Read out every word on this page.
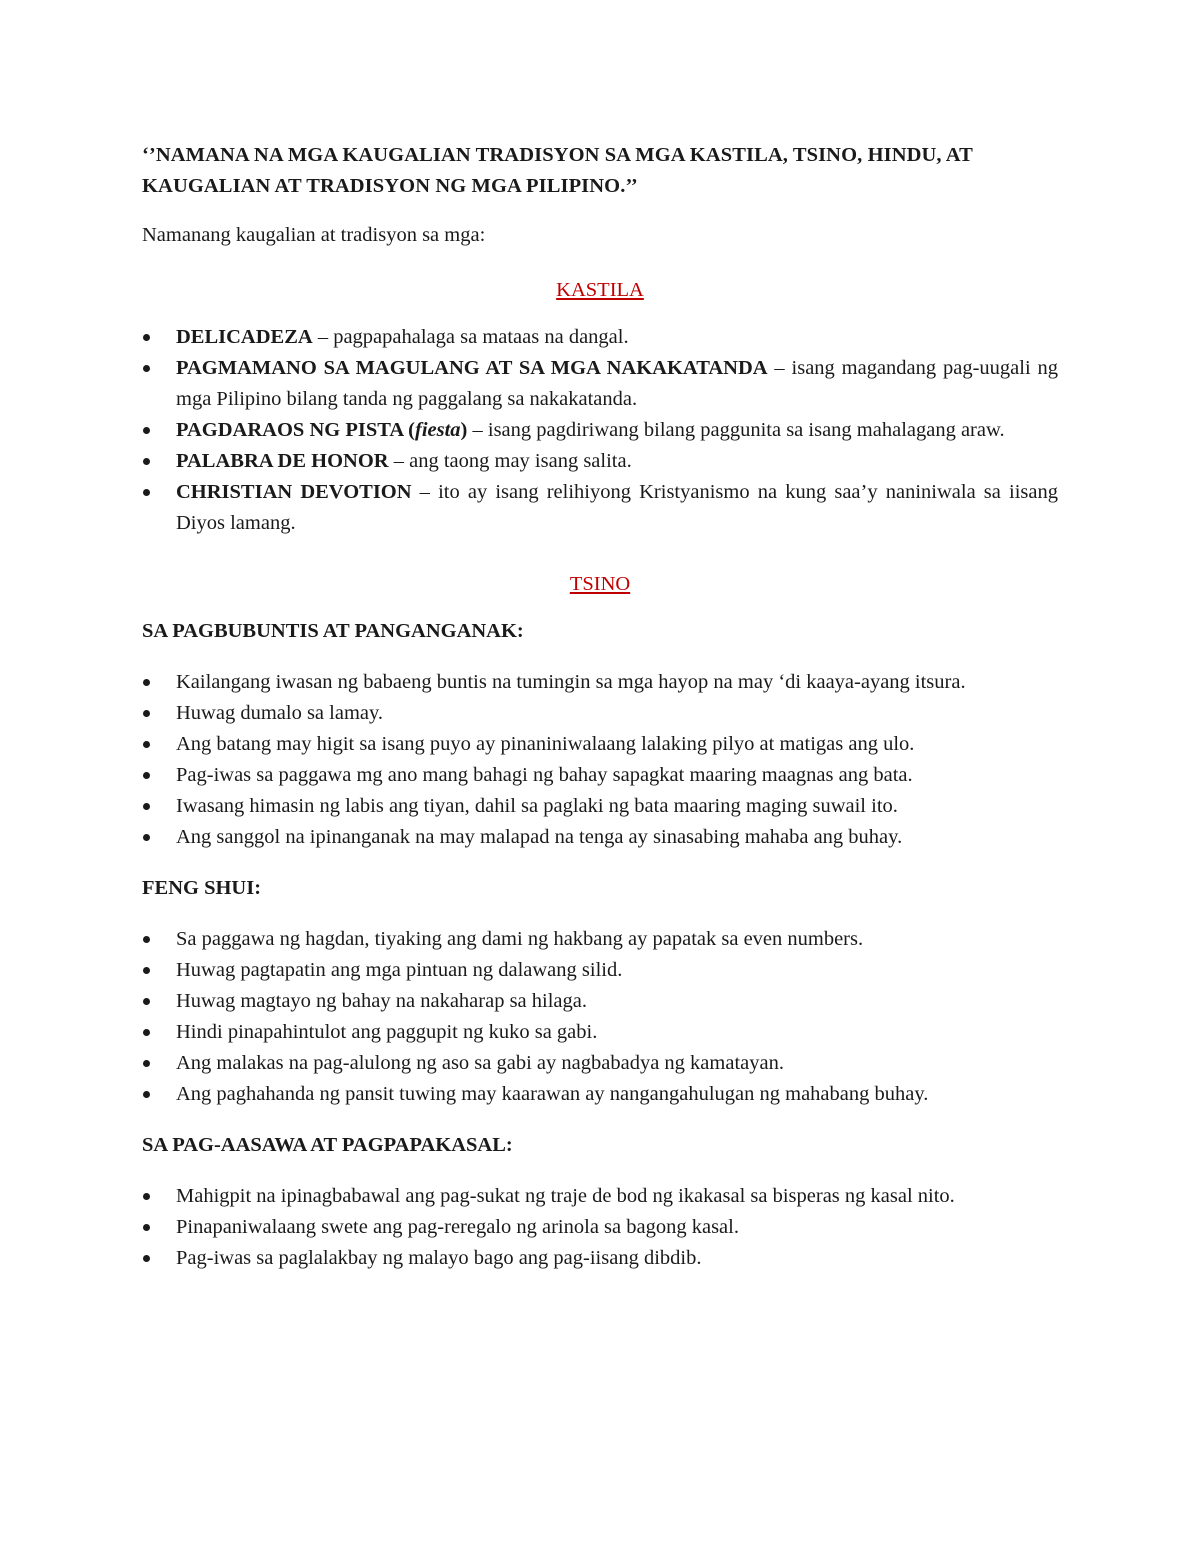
‘’NAMANA NA MGA KAUGALIAN TRADISYON SA MGA KASTILA, TSINO, HINDU, AT KAUGALIAN AT TRADISYON NG MGA PILIPINO.’’

Namanang kaugalian at tradisyon sa mga:

KASTILA
DELICADEZA – pagpapahalaga sa mataas na dangal.
PAGMAMANO SA MAGULANG AT SA MGA NAKAKATANDA – isang magandang pag-uugali ng mga Pilipino bilang tanda ng paggalang sa nakakatanda.
PAGDARAOS NG PISTA (fiesta) – isang pagdiriwang bilang paggunita sa isang mahalagang araw.
PALABRA DE HONOR – ang taong may isang salita.
CHRISTIAN DEVOTION – ito ay isang relihiyong Kristyanismo na kung saa’y naniniwala sa iisang Diyos lamang.
TSINO
SA PAGBUBUNTIS AT PANGANGANAK:
Kailangang iwasan ng babaeng buntis na tumingin sa mga hayop na may ‘di kaaya-ayang itsura.
Huwag dumalo sa lamay.
Ang batang may higit sa isang puyo ay pinaniniwalaang lalaking pilyo at matigas ang ulo.
Pag-iwas sa paggawa mg ano mang bahagi ng bahay sapagkat maaring maagnas ang bata.
Iwasang himasin ng labis ang tiyan, dahil sa paglaki ng bata maaring maging suwail ito.
Ang sanggol na ipinanganak na may malapad na tenga ay sinasabing mahaba ang buhay.
FENG SHUI:
Sa paggawa ng hagdan, tiyaking ang dami ng hakbang ay papatak sa even numbers.
Huwag pagtapatin ang mga pintuan ng dalawang silid.
Huwag magtayo ng bahay na nakaharap sa hilaga.
Hindi pinapahintulot ang paggupit ng kuko sa gabi.
Ang malakas na pag-alulong ng aso sa gabi ay nagbabadya ng kamatayan.
Ang paghahanda ng pansit tuwing may kaarawan ay nangangahulugan ng mahabang buhay.
SA PAG-AASAWA AT PAGPAPAKASAL:
Mahigpit na ipinagbabawal ang pag-sukat ng traje de bod ng ikakasal sa bisperas ng kasal nito.
Pinapaniwalaang swete ang pag-reregalo ng arinola sa bagong kasal.
Pag-iwas sa paglalakbay ng malayo bago ang pag-iisang dibdib.
